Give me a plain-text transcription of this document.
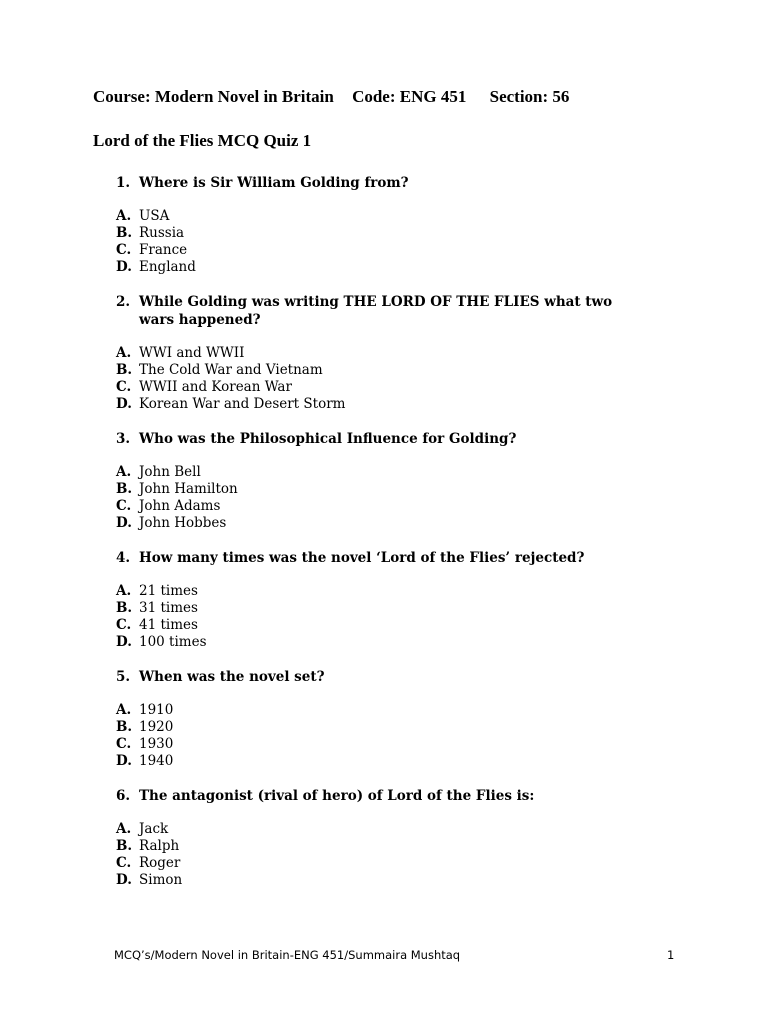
Course: Modern Novel in Britain Code: ENG 451 Section: 56
Lord of the Flies MCQ Quiz 1
1. Where is Sir William Golding from?
A. USA
B. Russia
C. France
D. England
2. While Golding was writing THE LORD OF THE FLIES what two wars happened?
A. WWI and WWII
B. The Cold War and Vietnam
C. WWII and Korean War
D. Korean War and Desert Storm
3. Who was the Philosophical Influence for Golding?
A. John Bell
B. John Hamilton
C. John Adams
D. John Hobbes
4. How many times was the novel ‘Lord of the Flies’ rejected?
A. 21 times
B. 31 times
C. 41 times
D. 100 times
5. When was the novel set?
A. 1910
B. 1920
C. 1930
D. 1940
6. The antagonist (rival of hero) of Lord of the Flies is:
A. Jack
B. Ralph
C. Roger
D. Simon
MCQ’s/Modern Novel in Britain-ENG 451/Summaira Mushtaq	1
